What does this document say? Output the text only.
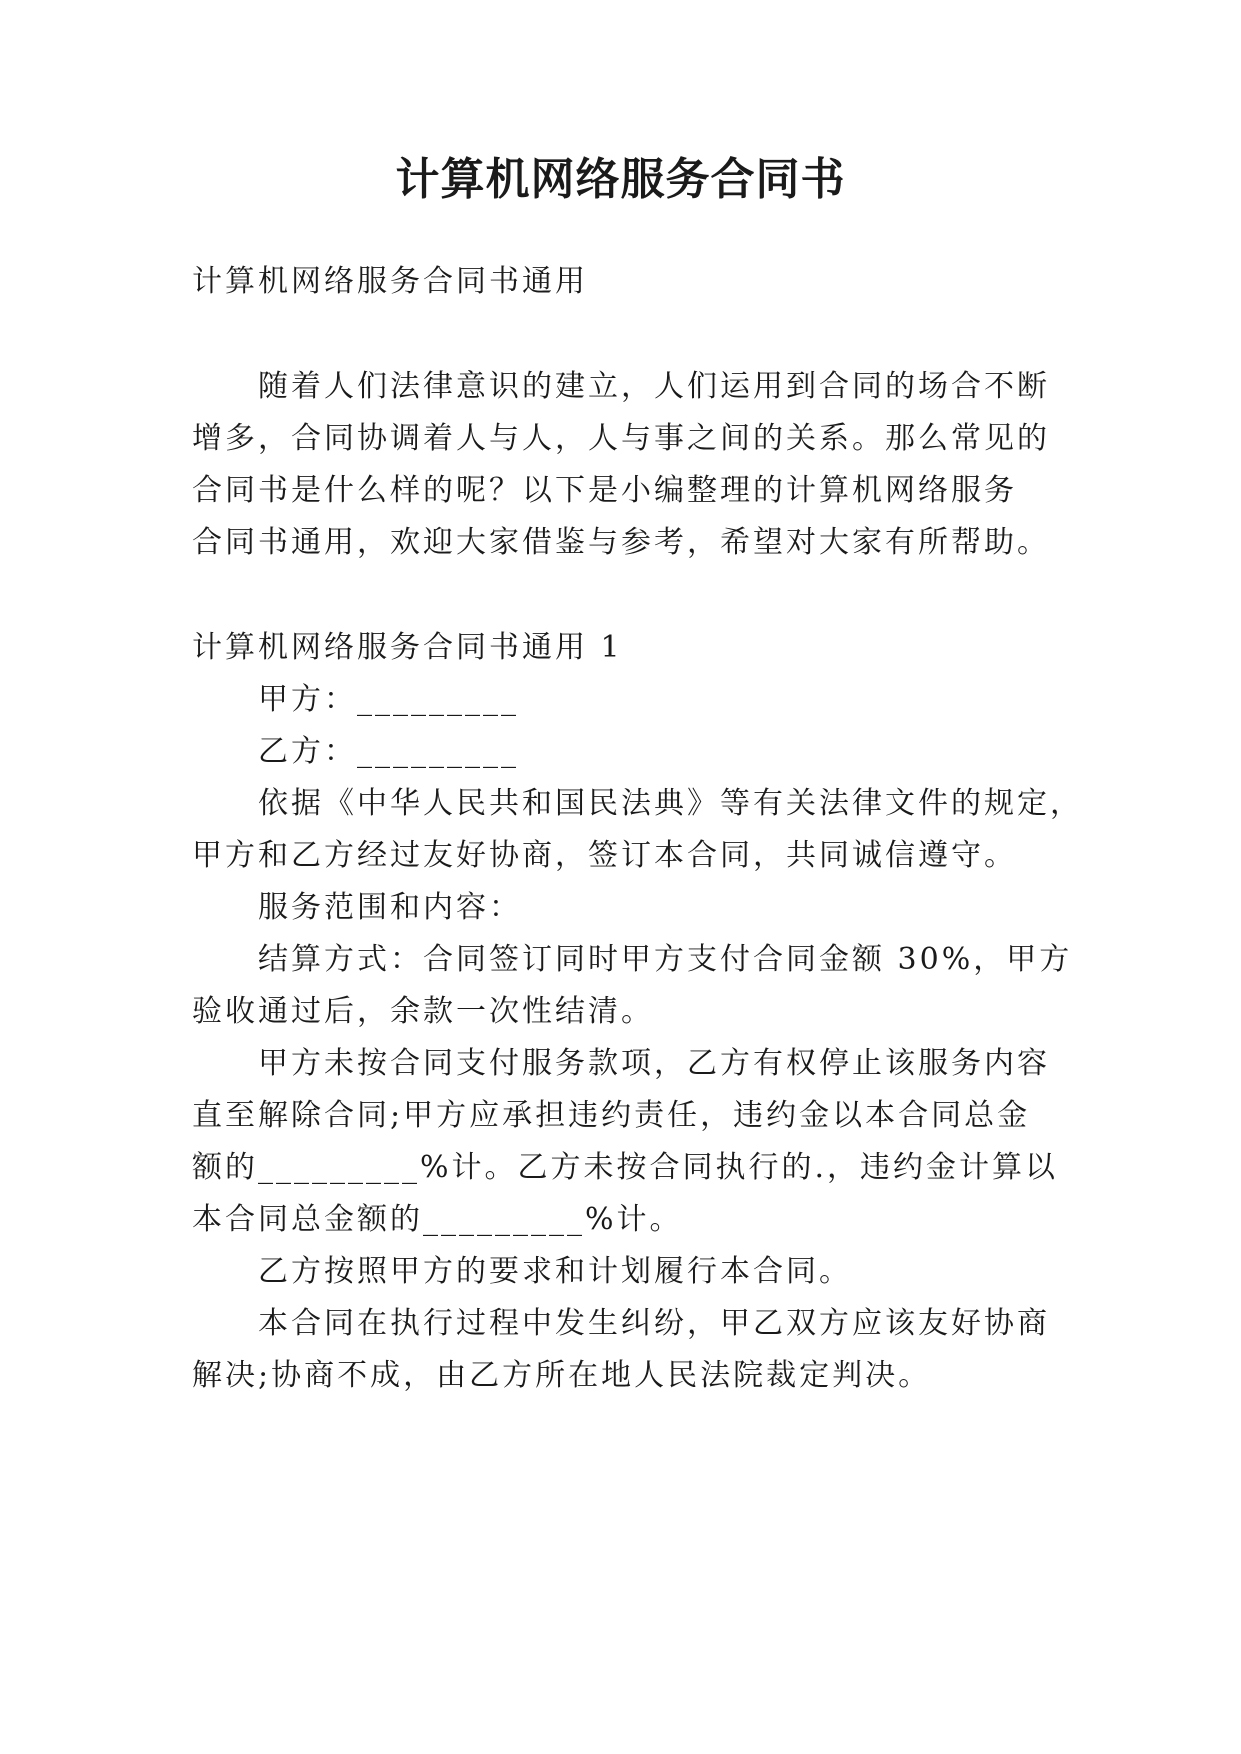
计算机网络服务合同书

计算机网络服务合同书通用

随着人们法律意识的建立，人们运用到合同的场合不断

增多，合同协调着人与人，人与事之间的关系。那么常见的

合同书是什么样的呢？以下是小编整理的计算机网络服务

合同书通用，欢迎大家借鉴与参考，希望对大家有所帮助。

计算机网络服务合同书通用 1

甲方：_________

乙方：_________

依据《中华人民共和国民法典》等有关法律文件的规定，

甲方和乙方经过友好协商，签订本合同，共同诚信遵守。

服务范围和内容：

结算方式：合同签订同时甲方支付合同金额 30%，甲方

验收通过后，余款一次性结清。

甲方未按合同支付服务款项，乙方有权停止该服务内容

直至解除合同;甲方应承担违约责任，违约金以本合同总金

额的_________%计。乙方未按合同执行的.，违约金计算以

本合同总金额的_________%计。

乙方按照甲方的要求和计划履行本合同。

本合同在执行过程中发生纠纷，甲乙双方应该友好协商

解决;协商不成，由乙方所在地人民法院裁定判决。
